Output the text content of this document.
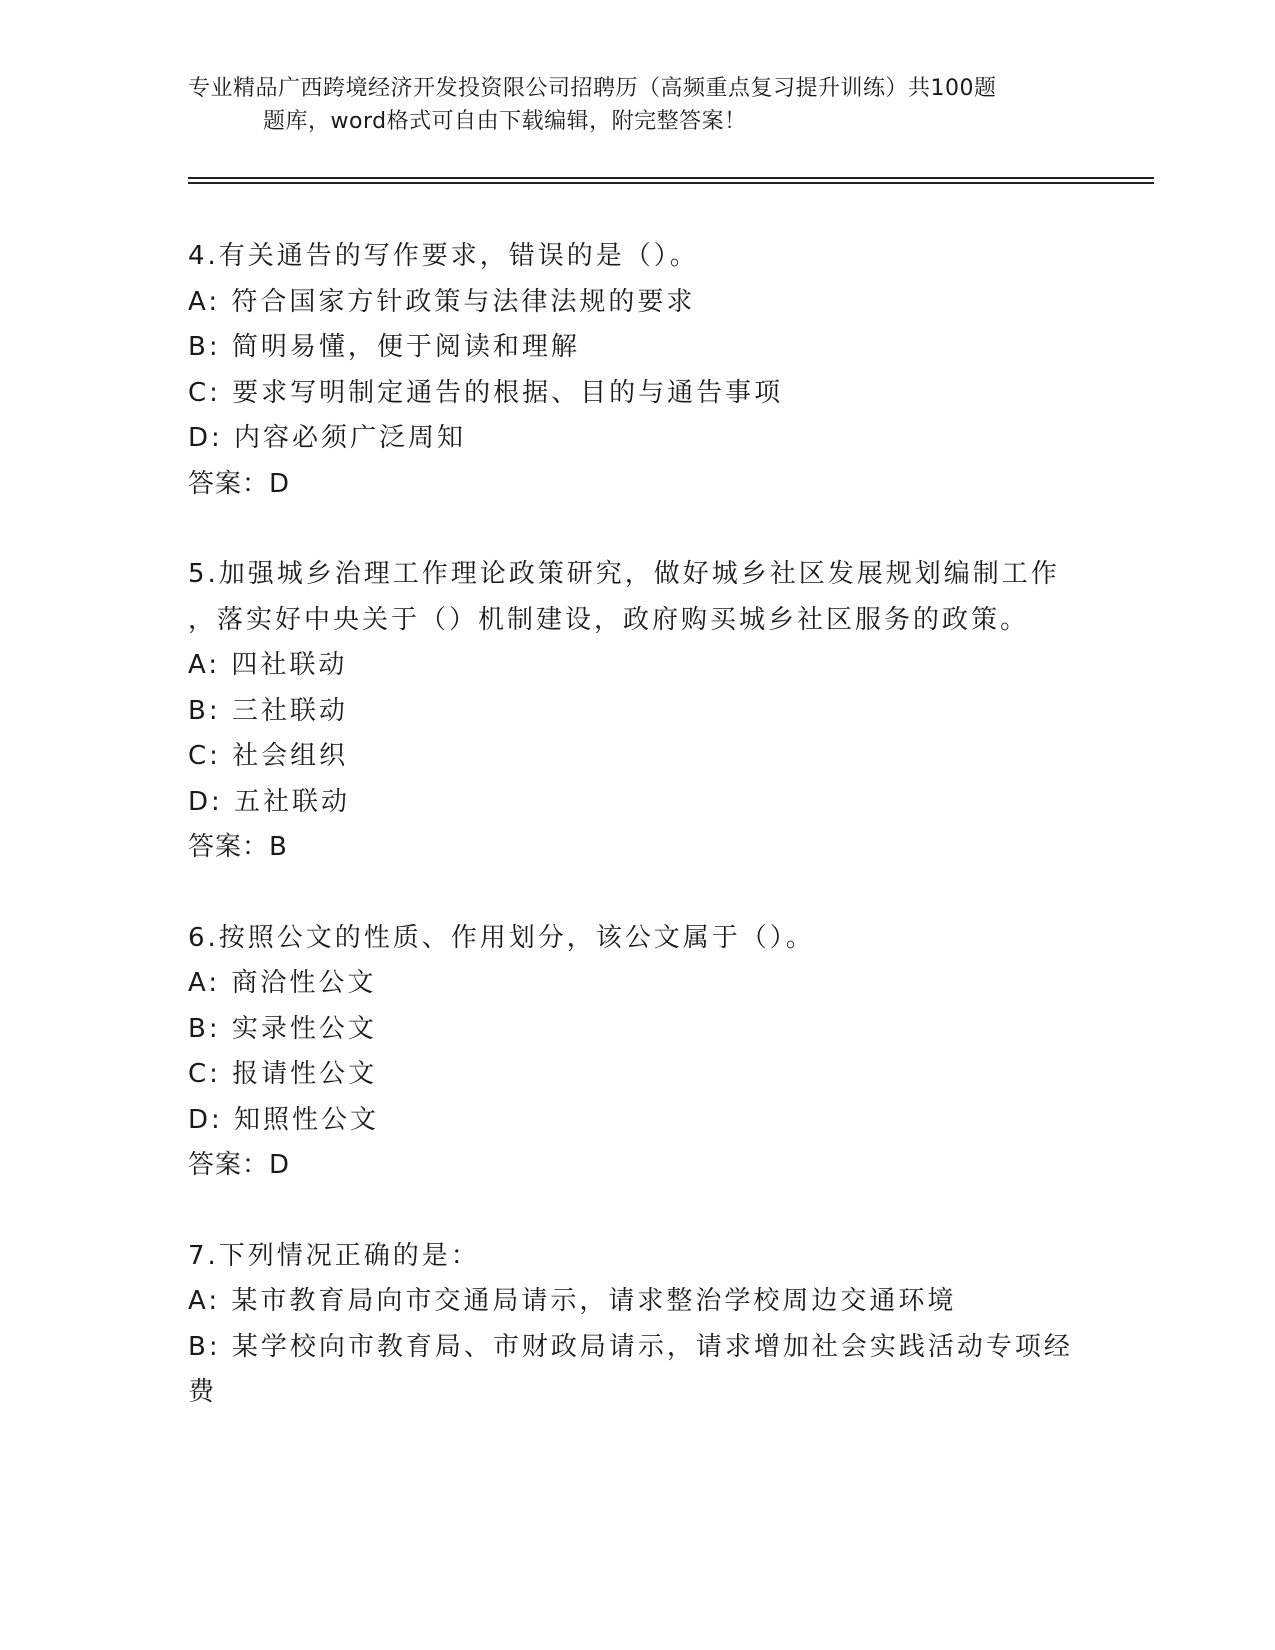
专业精品广西跨境经济开发投资限公司招聘历（高频重点复习提升训练）共100题
题库，word格式可自由下载编辑，附完整答案！
4.有关通告的写作要求，错误的是（）。
A: 符合国家方针政策与法律法规的要求
B: 简明易懂，便于阅读和理解
C: 要求写明制定通告的根据、目的与通告事项
D: 内容必须广泛周知
答案：D
5.加强城乡治理工作理论政策研究，做好城乡社区发展规划编制工作
，落实好中央关于（）机制建设，政府购买城乡社区服务的政策。
A: 四社联动
B: 三社联动
C: 社会组织
D: 五社联动
答案：B
6.按照公文的性质、作用划分，该公文属于（）。
A: 商洽性公文
B: 实录性公文
C: 报请性公文
D: 知照性公文
答案：D
7.下列情况正确的是：
A: 某市教育局向市交通局请示，请求整治学校周边交通环境
B: 某学校向市教育局、市财政局请示，请求增加社会实践活动专项经
费
